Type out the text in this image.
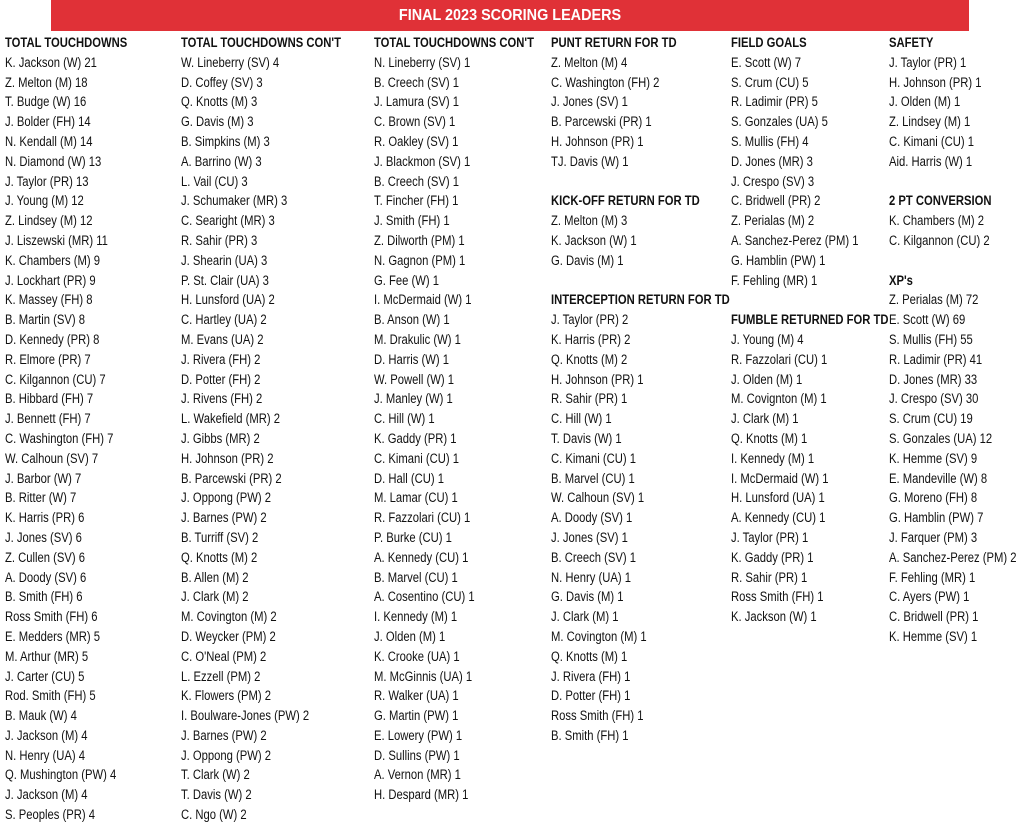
FINAL 2023 SCORING LEADERS
TOTAL TOUCHDOWNS
K. Jackson (W) 21
Z. Melton (M) 18
T. Budge (W) 16
J. Bolder (FH) 14
N. Kendall (M) 14
N. Diamond (W) 13
J. Taylor (PR) 13
J. Young (M) 12
Z. Lindsey (M) 12
J. Liszewski (MR) 11
K. Chambers (M) 9
J. Lockhart (PR) 9
K. Massey (FH) 8
B. Martin (SV) 8
D. Kennedy (PR) 8
R. Elmore (PR) 7
C. Kilgannon (CU) 7
B. Hibbard (FH) 7
J. Bennett (FH) 7
C. Washington (FH) 7
W. Calhoun (SV) 7
J. Barbor (W) 7
B. Ritter (W) 7
K. Harris (PR) 6
J. Jones (SV) 6
Z. Cullen (SV) 6
A. Doody (SV) 6
B. Smith (FH) 6
Ross Smith (FH) 6
E. Medders (MR) 5
M. Arthur (MR) 5
J. Carter (CU) 5
Rod. Smith (FH) 5
B. Mauk (W) 4
J. Jackson (M) 4
N. Henry (UA) 4
Q. Mushington (PW) 4
J. Jackson (M) 4
S. Peoples (PR) 4
TOTAL TOUCHDOWNS CON'T
W. Lineberry (SV) 4
D. Coffey (SV) 3
Q. Knotts (M) 3
G. Davis (M) 3
B. Simpkins (M) 3
A. Barrino (W) 3
L. Vail (CU) 3
J. Schumaker (MR) 3
C. Searight (MR) 3
R. Sahir (PR) 3
J. Shearin (UA) 3
P. St. Clair (UA) 3
H. Lunsford (UA) 2
C. Hartley (UA) 2
M. Evans (UA) 2
J. Rivera (FH) 2
D. Potter (FH) 2
J. Rivens (FH) 2
L. Wakefield (MR) 2
J. Gibbs (MR) 2
H. Johnson (PR) 2
B. Parcewski (PR) 2
J. Oppong (PW) 2
J. Barnes (PW) 2
B. Turriff (SV) 2
Q. Knotts (M) 2
B. Allen (M) 2
J. Clark (M) 2
M. Covington (M) 2
D. Weycker (PM) 2
C. O'Neal (PM) 2
L. Ezzell (PM) 2
K. Flowers (PM) 2
I. Boulware-Jones (PW) 2
J. Barnes (PW) 2
J. Oppong (PW) 2
T. Clark (W) 2
T. Davis (W) 2
C. Ngo (W) 2
TOTAL TOUCHDOWNS CON'T
N. Lineberry (SV) 1
B. Creech (SV) 1
J. Lamura (SV) 1
C. Brown (SV) 1
R. Oakley (SV) 1
J. Blackmon (SV) 1
B. Creech (SV) 1
T. Fincher (FH) 1
J. Smith (FH) 1
Z. Dilworth (PM) 1
N. Gagnon (PM) 1
G. Fee (W) 1
I. McDermaid (W) 1
B. Anson (W) 1
M. Drakulic (W) 1
D. Harris (W) 1
W. Powell (W) 1
J. Manley (W) 1
C. Hill (W) 1
K. Gaddy (PR) 1
C. Kimani (CU) 1
D. Hall (CU) 1
M. Lamar (CU) 1
R. Fazzolari (CU) 1
P. Burke (CU) 1
A. Kennedy (CU) 1
B. Marvel (CU) 1
A. Cosentino (CU) 1
I. Kennedy (M) 1
J. Olden (M) 1
K. Crooke (UA) 1
M. McGinnis (UA) 1
R. Walker (UA) 1
G. Martin (PW) 1
E. Lowery (PW) 1
D. Sullins (PW) 1
A. Vernon (MR) 1
H. Despard (MR) 1
PUNT RETURN FOR TD
Z. Melton (M) 4
C. Washington (FH) 2
J. Jones (SV) 1
B. Parcewski (PR) 1
H. Johnson (PR) 1
TJ. Davis (W) 1
KICK-OFF RETURN FOR TD
Z. Melton (M) 3
K. Jackson (W) 1
G. Davis (M) 1
INTERCEPTION RETURN FOR TD
J. Taylor (PR) 2
K. Harris (PR) 2
Q. Knotts (M) 2
H. Johnson (PR) 1
R. Sahir (PR) 1
C. Hill (W) 1
T. Davis (W) 1
C. Kimani (CU) 1
B. Marvel (CU) 1
W. Calhoun (SV) 1
A. Doody (SV) 1
J. Jones (SV) 1
B. Creech (SV) 1
N. Henry (UA) 1
G. Davis (M) 1
J. Clark (M) 1
M. Covington (M) 1
Q. Knotts (M) 1
J. Rivera (FH) 1
D. Potter (FH) 1
Ross Smith (FH) 1
B. Smith (FH) 1
FIELD GOALS
E. Scott (W) 7
S. Crum (CU) 5
R. Ladimir (PR) 5
S. Gonzales (UA) 5
S. Mullis (FH) 4
D. Jones (MR) 3
J. Crespo (SV) 3
C. Bridwell (PR) 2
Z. Perialas (M) 2
A. Sanchez-Perez (PM) 1
G. Hamblin (PW) 1
F. Fehling (MR) 1
FUMBLE RETURNED FOR TD
J. Young (M) 4
R. Fazzolari (CU) 1
J. Olden (M) 1
M. Covignton (M) 1
J. Clark (M) 1
Q. Knotts (M) 1
I. Kennedy (M) 1
I. McDermaid (W) 1
H. Lunsford (UA) 1
A. Kennedy (CU) 1
J. Taylor (PR) 1
K. Gaddy (PR) 1
R. Sahir (PR) 1
Ross Smith (FH) 1
K. Jackson (W) 1
SAFETY
J. Taylor (PR) 1
H. Johnson (PR) 1
J. Olden (M) 1
Z. Lindsey (M) 1
C. Kimani (CU) 1
Aid. Harris (W) 1
2 PT CONVERSION
K. Chambers (M) 2
C. Kilgannon (CU) 2
XP's
Z. Perialas (M) 72
E. Scott (W) 69
S. Mullis (FH) 55
R. Ladimir (PR) 41
D. Jones (MR) 33
J. Crespo (SV) 30
S. Crum (CU) 19
S. Gonzales (UA) 12
K. Hemme (SV) 9
E. Mandeville (W) 8
G. Moreno (FH) 8
G. Hamblin (PW) 7
J. Farquer (PM) 3
A. Sanchez-Perez (PM) 2
F. Fehling (MR) 1
C. Ayers (PW) 1
C. Bridwell (PR) 1
K. Hemme (SV) 1
